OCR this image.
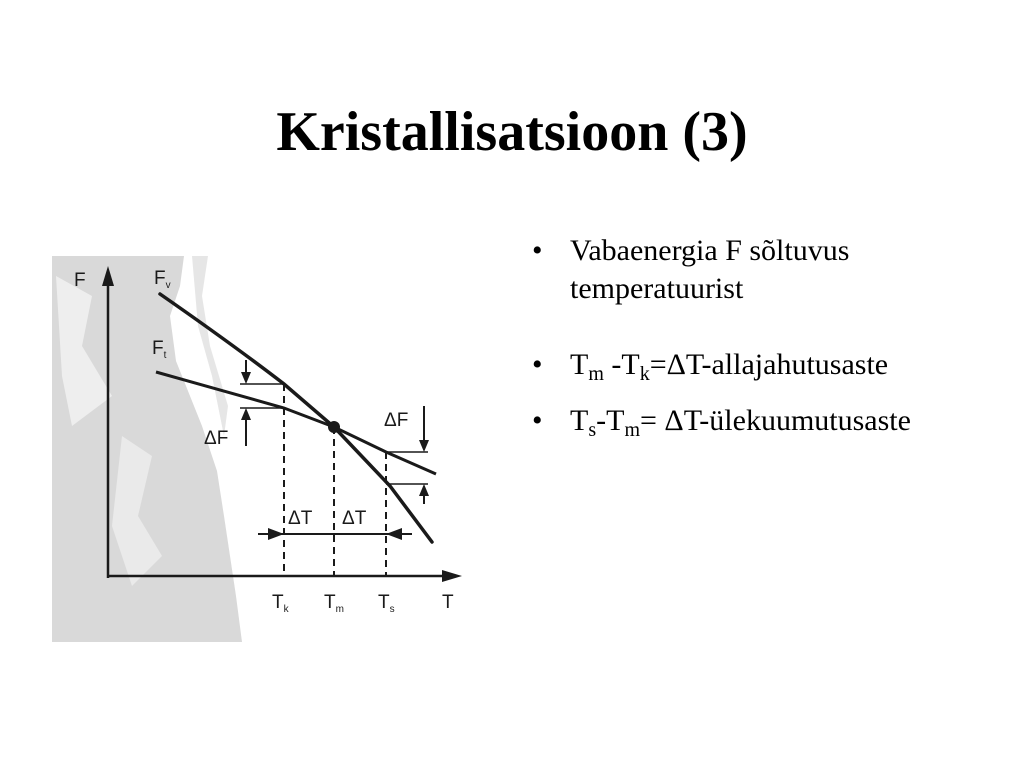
Kristallisatsioon (3)
F
T
$F_v$
$F_t$
ΔF
ΔF
ΔT ΔT
$T_k$ $T_m$ $T_s$
• Vabaenergia F sõltuvus temperatuurist
• $T_m$ $-T_k=\Delta T$-allajahutusaste
• $T_s-T_m=$ ΔT-ülekuumutusaste
